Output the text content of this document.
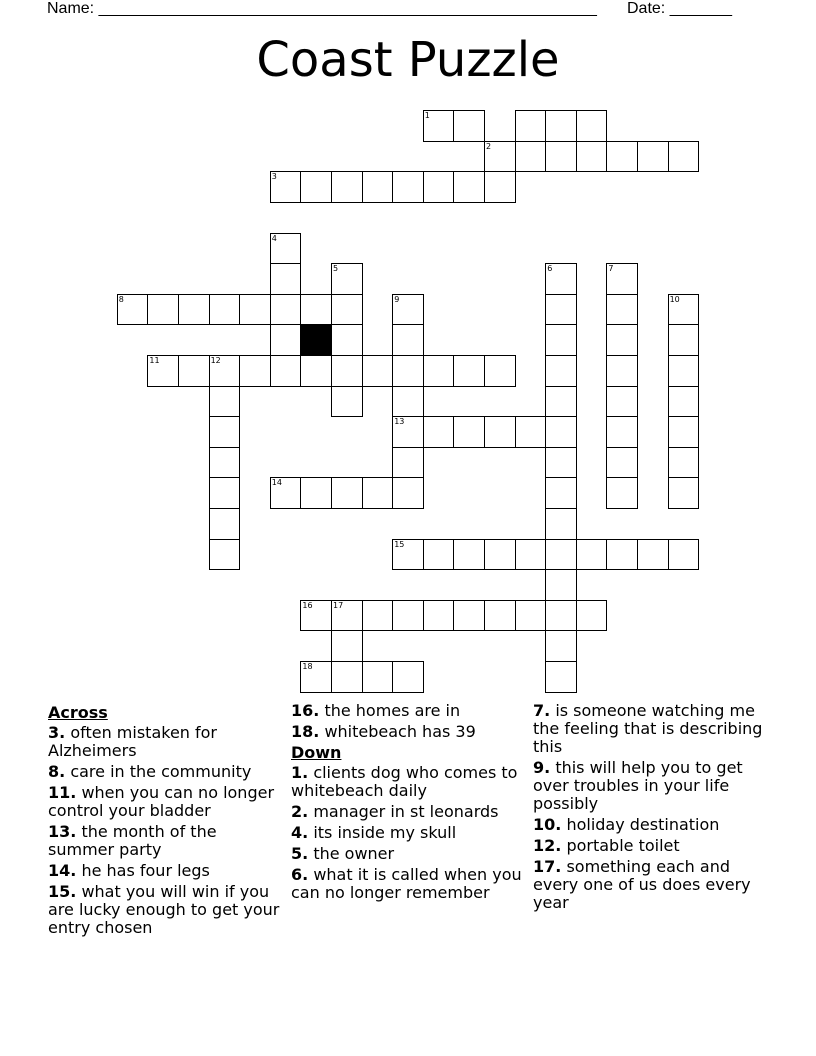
Name: ________________________________________________________ Date: _______
Coast Puzzle
1
2
3
4
5	6	7
8	9	10
11	12
13
14
15
16	17
18
Across
3. often mistaken for Alzheimers
8. care in the community
11. when you can no longer control your bladder
13. the month of the summer party
14. he has four legs
15. what you will win if you are lucky enough to get your entry chosen
16. the homes are in
18. whitebeach has 39
Down
1. clients dog who comes to whitebeach daily
2. manager in st leonards
4. its inside my skull
5. the owner
6. what it is called when you can no longer remember
7. is someone watching me the feeling that is describing this
9. this will help you to get over troubles in your life possibly
10. holiday destination
12. portable toilet
17. something each and every one of us does every year
